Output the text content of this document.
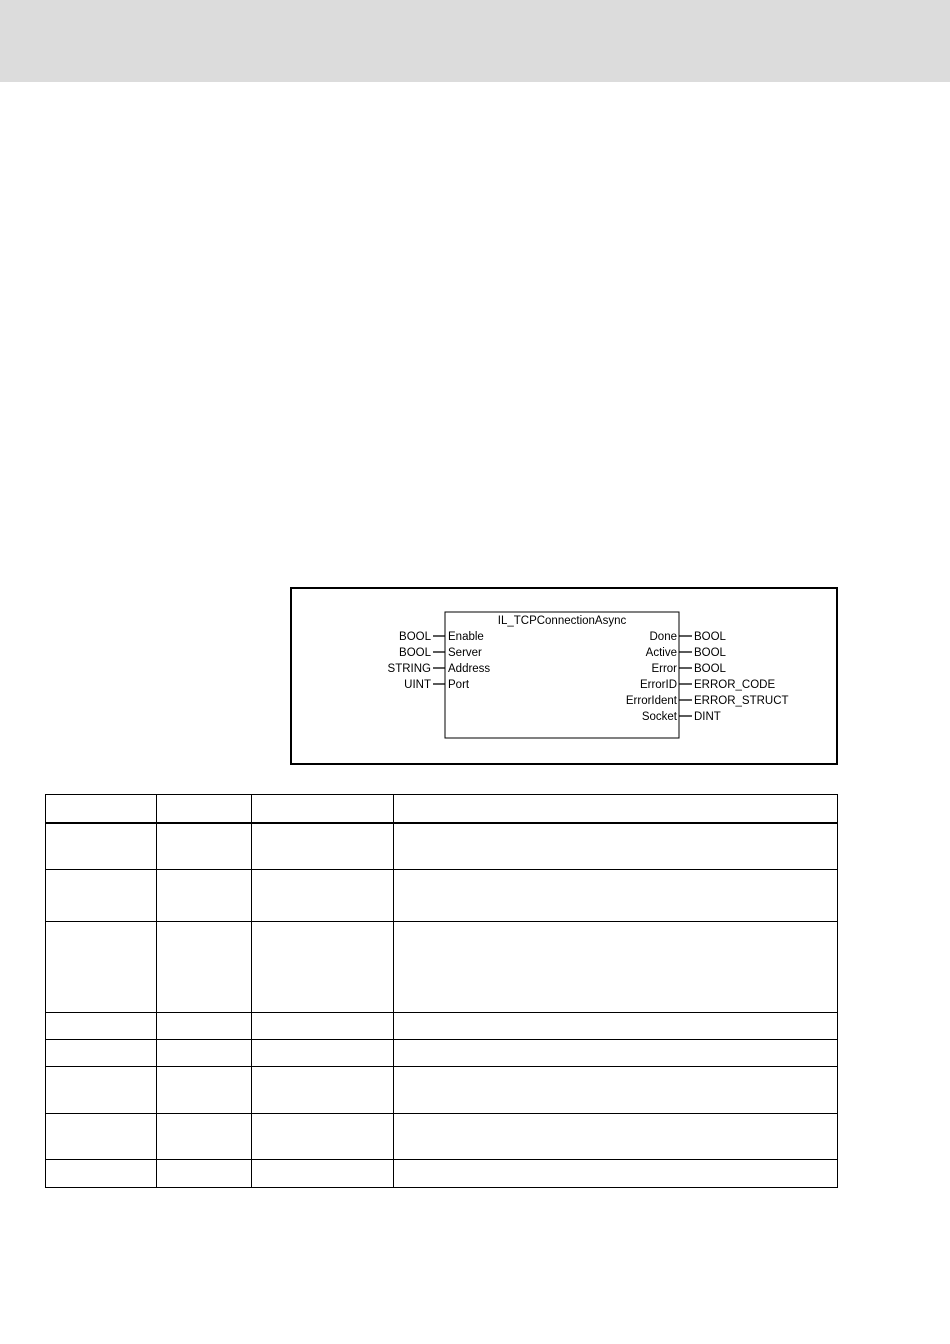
IL_TCPConnectionAsync
BOOL Enable
BOOL Server
STRING Address
UINT Port
Done BOOL
Active BOOL
Error BOOL
ErrorID ERROR_CODE
ErrorIdent ERROR_STRUCT
Socket DINT
